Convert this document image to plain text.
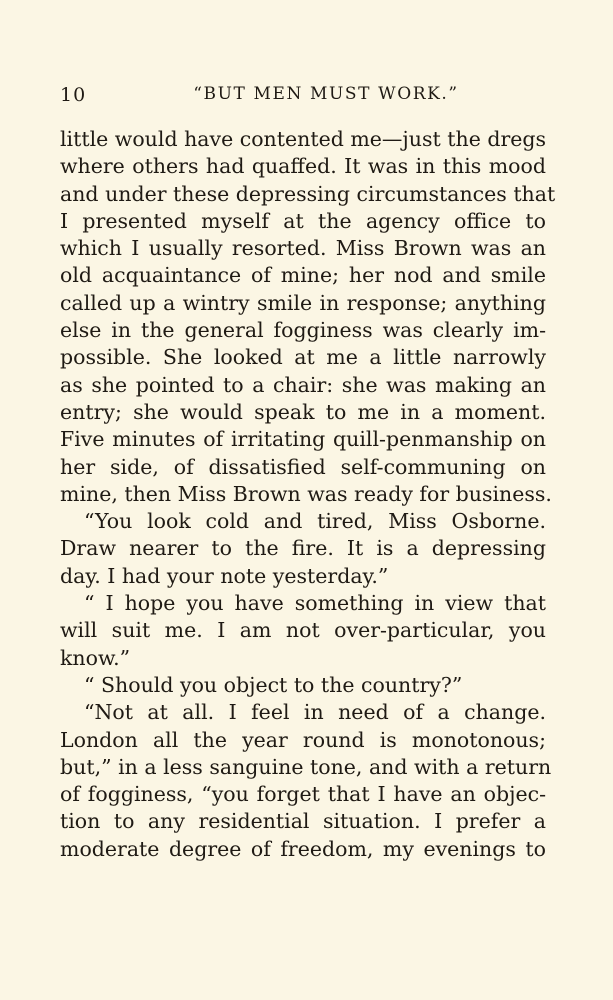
10	“BUT MEN MUST WORK.”
little would have contented me—just the dregs
where others had quaffed. It was in this mood
and under these depressing circumstances that
I presented myself at the agency office to
which I usually resorted. Miss Brown was an
old acquaintance of mine; her nod and smile
called up a wintry smile in response; anything
else in the general fogginess was clearly im-
possible. She looked at me a little narrowly
as she pointed to a chair: she was making an
entry; she would speak to me in a moment.
Five minutes of irritating quill-penmanship on
her side, of dissatisfied self-communing on
mine, then Miss Brown was ready for business.
“You look cold and tired, Miss Osborne.
Draw nearer to the fire. It is a depressing
day. I had your note yesterday.”
“ I hope you have something in view that
will suit me. I am not over-particular, you
know.”
“ Should you object to the country?”
“Not at all. I feel in need of a change.
London all the year round is monotonous;
but,” in a less sanguine tone, and with a return
of fogginess, “you forget that I have an objec-
tion to any residential situation. I prefer a
moderate degree of freedom, my evenings to
